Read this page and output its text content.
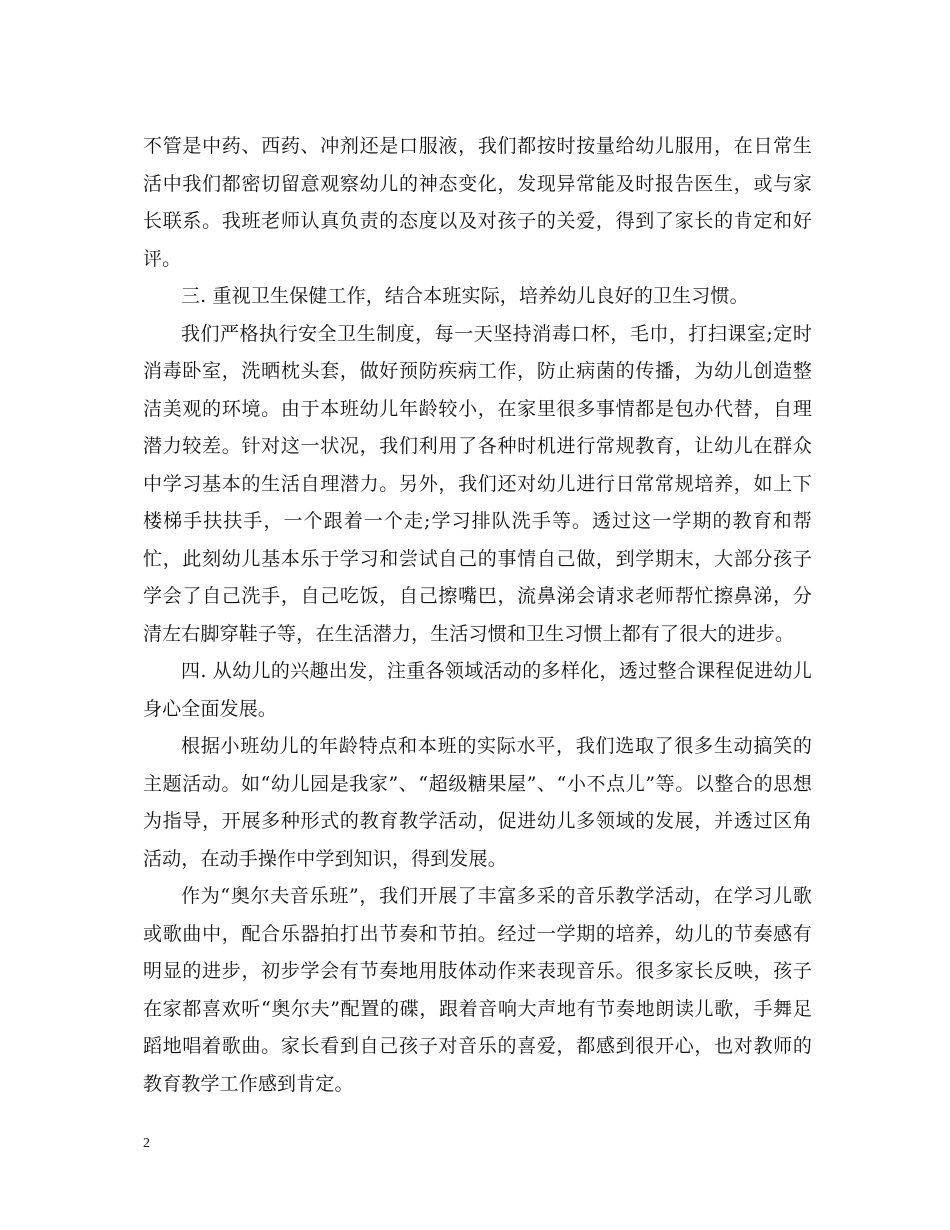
不管是中药、西药、冲剂还是口服液，我们都按时按量给幼儿服用，在日常生活中我们都密切留意观察幼儿的神态变化，发现异常能及时报告医生，或与家长联系。我班老师认真负责的态度以及对孩子的关爱，得到了家长的肯定和好评。

三. 重视卫生保健工作，结合本班实际，培养幼儿良好的卫生习惯。

我们严格执行安全卫生制度，每一天坚持消毒口杯，毛巾，打扫课室;定时消毒卧室，洗晒枕头套，做好预防疾病工作，防止病菌的传播，为幼儿创造整洁美观的环境。由于本班幼儿年龄较小，在家里很多事情都是包办代替，自理潜力较差。针对这一状况，我们利用了各种时机进行常规教育，让幼儿在群众中学习基本的生活自理潜力。另外，我们还对幼儿进行日常常规培养，如上下楼梯手扶扶手，一个跟着一个走;学习排队洗手等。透过这一学期的教育和帮忙，此刻幼儿基本乐于学习和尝试自己的事情自己做，到学期末，大部分孩子学会了自己洗手，自己吃饭，自己擦嘴巴，流鼻涕会请求老师帮忙擦鼻涕，分清左右脚穿鞋子等，在生活潜力，生活习惯和卫生习惯上都有了很大的进步。

四. 从幼儿的兴趣出发，注重各领域活动的多样化，透过整合课程促进幼儿身心全面发展。

根据小班幼儿的年龄特点和本班的实际水平，我们选取了很多生动搞笑的主题活动。如“幼儿园是我家”、“超级糖果屋”、“小不点儿”等。以整合的思想为指导，开展多种形式的教育教学活动，促进幼儿多领域的发展，并透过区角活动，在动手操作中学到知识，得到发展。

作为“奥尔夫音乐班”，我们开展了丰富多采的音乐教学活动，在学习儿歌或歌曲中，配合乐器拍打出节奏和节拍。经过一学期的培养，幼儿的节奏感有明显的进步，初步学会有节奏地用肢体动作来表现音乐。很多家长反映，孩子在家都喜欢听“奥尔夫”配置的碟，跟着音响大声地有节奏地朗读儿歌，手舞足蹈地唱着歌曲。家长看到自己孩子对音乐的喜爱，都感到很开心，也对教师的教育教学工作感到肯定。

2
